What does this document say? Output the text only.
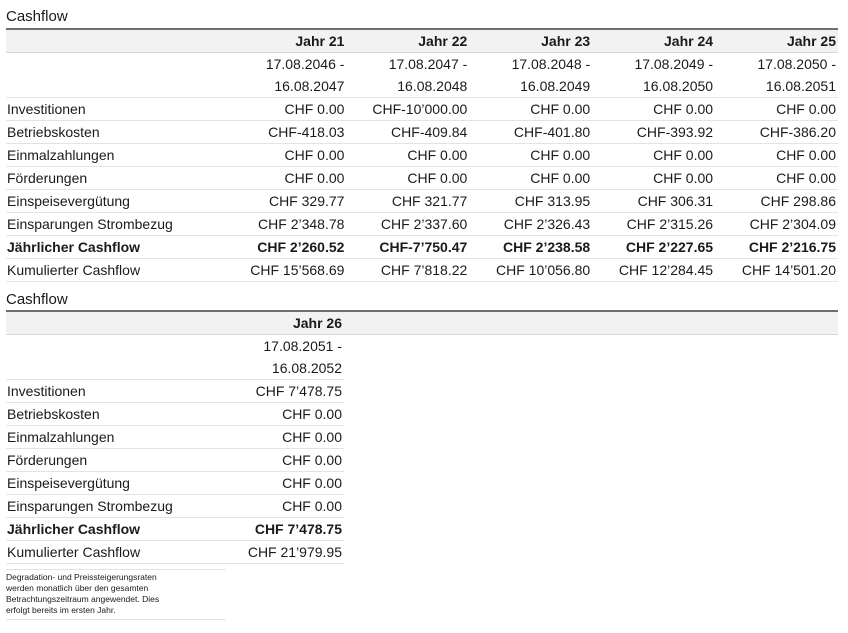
Cashflow
	Jahr 21	Jahr 22	Jahr 23	Jahr 24	Jahr 25
	17.08.2046 -	17.08.2047 -	17.08.2048 -	17.08.2049 -	17.08.2050 -
	16.08.2047	16.08.2048	16.08.2049	16.08.2050	16.08.2051
Investitionen	CHF 0.00	CHF-10’000.00	CHF 0.00	CHF 0.00	CHF 0.00
Betriebskosten	CHF-418.03	CHF-409.84	CHF-401.80	CHF-393.92	CHF-386.20
Einmalzahlungen	CHF 0.00	CHF 0.00	CHF 0.00	CHF 0.00	CHF 0.00
Förderungen	CHF 0.00	CHF 0.00	CHF 0.00	CHF 0.00	CHF 0.00
Einspeisevergütung	CHF 329.77	CHF 321.77	CHF 313.95	CHF 306.31	CHF 298.86
Einsparungen Strombezug	CHF 2’348.78	CHF 2’337.60	CHF 2’326.43	CHF 2’315.26	CHF 2’304.09
Jährlicher Cashflow	CHF 2’260.52	CHF-7’750.47	CHF 2’238.58	CHF 2’227.65	CHF 2’216.75
Kumulierter Cashflow	CHF 15’568.69	CHF 7’818.22	CHF 10’056.80	CHF 12’284.45	CHF 14’501.20
Cashflow
	Jahr 26	
	17.08.2051 -	
	16.08.2052	
Investitionen	CHF 7’478.75	
Betriebskosten	CHF 0.00	
Einmalzahlungen	CHF 0.00	
Förderungen	CHF 0.00	
Einspeisevergütung	CHF 0.00	
Einsparungen Strombezug	CHF 0.00	
Jährlicher Cashflow	CHF 7’478.75	
Kumulierter Cashflow	CHF 21’979.95	
Degradation- und Preissteigerungsraten
werden monatlich über den gesamten
Betrachtungszeitraum angewendet. Dies
erfolgt bereits im ersten Jahr.
